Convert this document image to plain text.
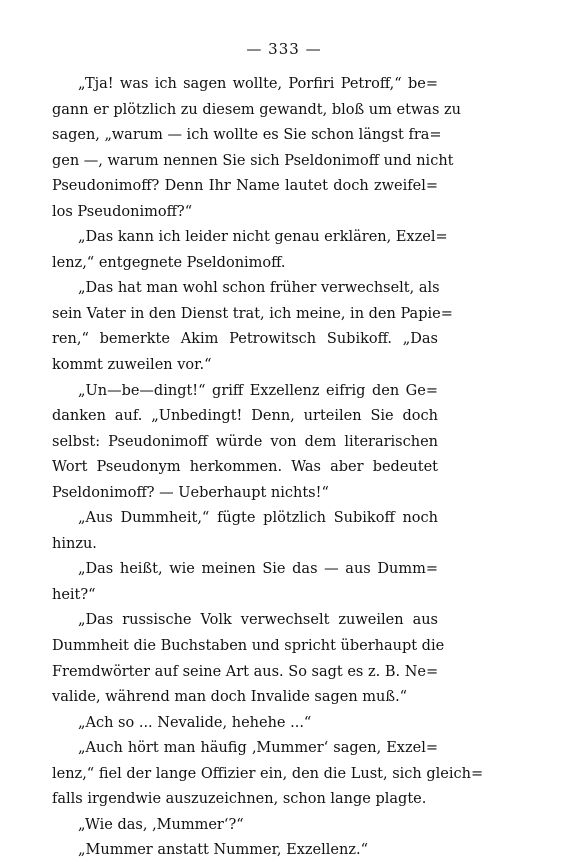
— 333 —
„Tja! was ich sagen wollte, Porfiri Petroff,“ be=
gann er plötzlich zu diesem gewandt, bloß um etwas zu
sagen, „warum — ich wollte es Sie schon längst fra=
gen —, warum nennen Sie sich Pseldonimoff und nicht
Pseudonimoff? Denn Ihr Name lautet doch zweifel=
los Pseudonimoff?“
„Das kann ich leider nicht genau erklären, Exzel=
lenz,“ entgegnete Pseldonimoff.
„Das hat man wohl schon früher verwechselt, als
sein Vater in den Dienst trat, ich meine, in den Papie=
ren,“ bemerkte Akim Petrowitsch Subikoff. „Das
kommt zuweilen vor.“
„Un—be—dingt!“ griff Exzellenz eifrig den Ge=
danken auf. „Unbedingt! Denn, urteilen Sie doch
selbst: Pseudonimoff würde von dem literarischen
Wort Pseudonym herkommen. Was aber bedeutet
Pseldonimoff? — Ueberhaupt nichts!“
„Aus Dummheit,“ fügte plötzlich Subikoff noch
hinzu.
„Das heißt, wie meinen Sie das — aus Dumm=
heit?“
„Das russische Volk verwechselt zuweilen aus
Dummheit die Buchstaben und spricht überhaupt die
Fremdwörter auf seine Art aus. So sagt es z. B. Ne=
valide, während man doch Invalide sagen muß.“
„Ach so ... Nevalide, hehehe ...“
„Auch hört man häufig ‚Mummer‘ sagen, Exzel=
lenz,“ fiel der lange Offizier ein, den die Lust, sich gleich=
falls irgendwie auszuzeichnen, schon lange plagte.
„Wie das, ‚Mummer‘?“
„Mummer anstatt Nummer, Exzellenz.“
